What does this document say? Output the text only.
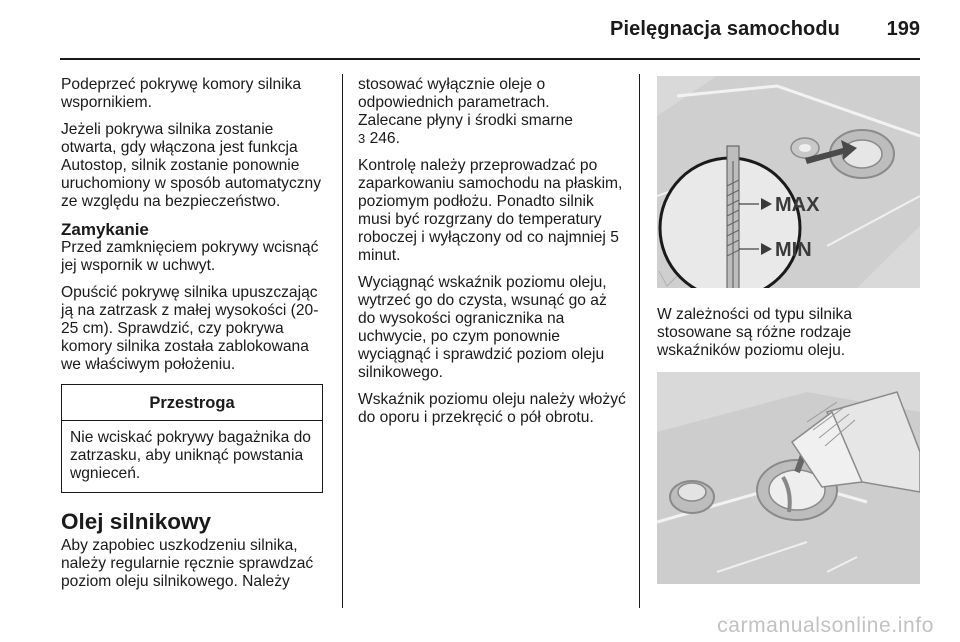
Pielęgnacja samochodu 199

Podeprzeć pokrywę komory silnika wspornikiem.

Jeżeli pokrywa silnika zostanie otwarta, gdy włączona jest funkcja Autostop, silnik zostanie ponownie uruchomiony w sposób automatyczny ze względu na bezpieczeństwo.

Zamykanie

Przed zamknięciem pokrywy wcisnąć jej wspornik w uchwyt.

Opuścić pokrywę silnika upuszczając ją na zatrzask z małej wysokości (20-25 cm). Sprawdzić, czy pokrywa komory silnika została zablokowana we właściwym położeniu.

Przestroga
Nie wciskać pokrywy bagażnika do zatrzasku, aby uniknąć powstania wgnieceń.
Olej silnikowy

Aby zapobiec uszkodzeniu silnika, należy regularnie ręcznie sprawdzać poziom oleju silnikowego. Należy

stosować wyłącznie oleje o
odpowiednich parametrach.
Zalecane płyny i środki smarne
3 246.

Kontrolę należy przeprowadzać po zaparkowaniu samochodu na płaskim, poziomym podłożu. Ponadto silnik musi być rozgrzany do temperatury roboczej i wyłączony od co najmniej 5 minut.

Wyciągnąć wskaźnik poziomu oleju, wytrzeć go do czysta, wsunąć go aż do wysokości ogranicznika na uchwycie, po czym ponownie wyciągnąć i sprawdzić poziom oleju silnikowego.

Wskaźnik poziomu oleju należy włożyć do oporu i przekręcić o pół obrotu.

MAX
MIN

W zależności od typu silnika stosowane są różne rodzaje wskaźników poziomu oleju.

carmanualsonline.info
